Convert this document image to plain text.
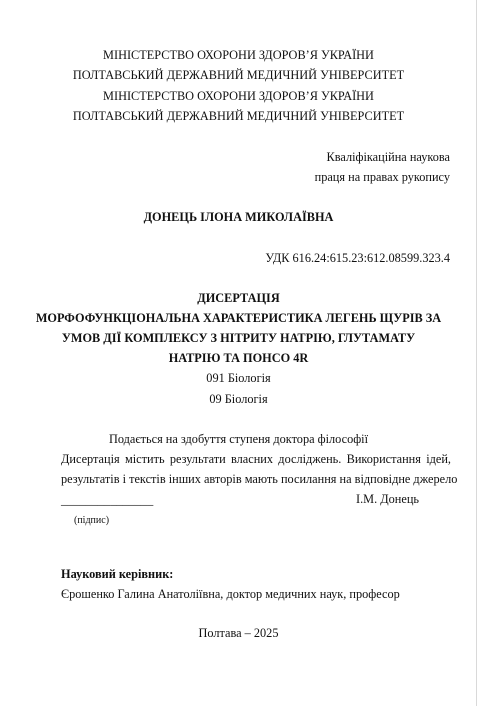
МІНІСТЕРСТВО ОХОРОНИ ЗДОРОВ’Я УКРАЇНИ
ПОЛТАВСЬКИЙ ДЕРЖАВНИЙ МЕДИЧНИЙ УНІВЕРСИТЕТ
МІНІСТЕРСТВО ОХОРОНИ ЗДОРОВ’Я УКРАЇНИ
ПОЛТАВСЬКИЙ ДЕРЖАВНИЙ МЕДИЧНИЙ УНІВЕРСИТЕТ
Кваліфікаційна наукова
праця на правах рукопису
ДОНЕЦЬ ІЛОНА МИКОЛАЇВНА
УДК 616.24:615.23:612.08599.323.4
ДИСЕРТАЦІЯ
МОРФОФУНКЦІОНАЛЬНА ХАРАКТЕРИСТИКА ЛЕГЕНЬ ЩУРІВ ЗА
УМОВ ДІЇ КОМПЛЕКСУ З НІТРИТУ НАТРІЮ, ГЛУТАМАТУ
НАТРІЮ ТА ПОНСО 4R
091 Біологія
09 Біологія
Подається на здобуття ступеня доктора філософії
Дисертація містить результати власних досліджень. Використання ідей,
результатів і текстів інших авторів мають посилання на відповідне джерело
І.М. Донець
_______________
(підпис)
Науковий керівник:
Єрошенко Галина Анатоліївна, доктор медичних наук, професор
Полтава – 2025
